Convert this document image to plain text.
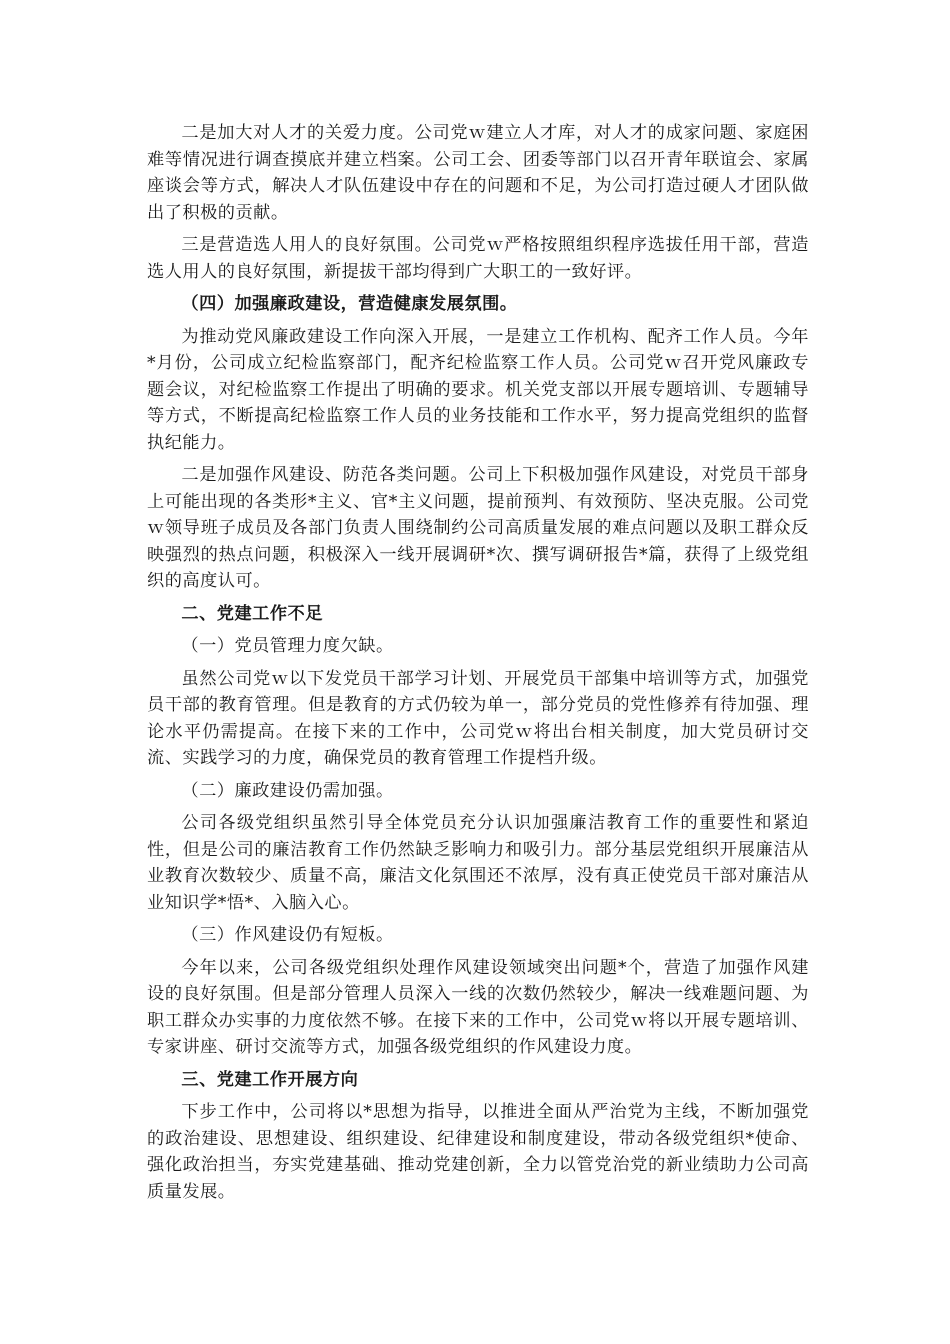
二是加大对人才的关爱力度。公司党ｗ建立人才库，对人才的成家问题、家庭困难等情况进行调查摸底并建立档案。公司工会、团委等部门以召开青年联谊会、家属座谈会等方式，解决人才队伍建设中存在的问题和不足，为公司打造过硬人才团队做出了积极的贡献。

三是营造选人用人的良好氛围。公司党ｗ严格按照组织程序选拔任用干部，营造选人用人的良好氛围，新提拔干部均得到广大职工的一致好评。

（四）加强廉政建设，营造健康发展氛围。

为推动党风廉政建设工作向深入开展，一是建立工作机构、配齐工作人员。今年*月份，公司成立纪检监察部门，配齐纪检监察工作人员。公司党ｗ召开党风廉政专题会议，对纪检监察工作提出了明确的要求。机关党支部以开展专题培训、专题辅导等方式，不断提高纪检监察工作人员的业务技能和工作水平，努力提高党组织的监督执纪能力。

二是加强作风建设、防范各类问题。公司上下积极加强作风建设，对党员干部身上可能出现的各类形*主义、官*主义问题，提前预判、有效预防、坚决克服。公司党ｗ领导班子成员及各部门负责人围绕制约公司高质量发展的难点问题以及职工群众反映强烈的热点问题，积极深入一线开展调研*次、撰写调研报告*篇，获得了上级党组织的高度认可。

二、党建工作不足

（一）党员管理力度欠缺。

虽然公司党ｗ以下发党员干部学习计划、开展党员干部集中培训等方式，加强党员干部的教育管理。但是教育的方式仍较为单一，部分党员的党性修养有待加强、理论水平仍需提高。在接下来的工作中，公司党ｗ将出台相关制度，加大党员研讨交流、实践学习的力度，确保党员的教育管理工作提档升级。

（二）廉政建设仍需加强。

公司各级党组织虽然引导全体党员充分认识加强廉洁教育工作的重要性和紧迫性，但是公司的廉洁教育工作仍然缺乏影响力和吸引力。部分基层党组织开展廉洁从业教育次数较少、质量不高，廉洁文化氛围还不浓厚，没有真正使党员干部对廉洁从业知识学*悟*、入脑入心。

（三）作风建设仍有短板。

今年以来，公司各级党组织处理作风建设领域突出问题*个，营造了加强作风建设的良好氛围。但是部分管理人员深入一线的次数仍然较少，解决一线难题问题、为职工群众办实事的力度依然不够。在接下来的工作中，公司党ｗ将以开展专题培训、专家讲座、研讨交流等方式，加强各级党组织的作风建设力度。

三、党建工作开展方向

下步工作中，公司将以*思想为指导，以推进全面从严治党为主线，不断加强党的政治建设、思想建设、组织建设、纪律建设和制度建设，带动各级党组织*使命、强化政治担当，夯实党建基础、推动党建创新，全力以管党治党的新业绩助力公司高质量发展。
